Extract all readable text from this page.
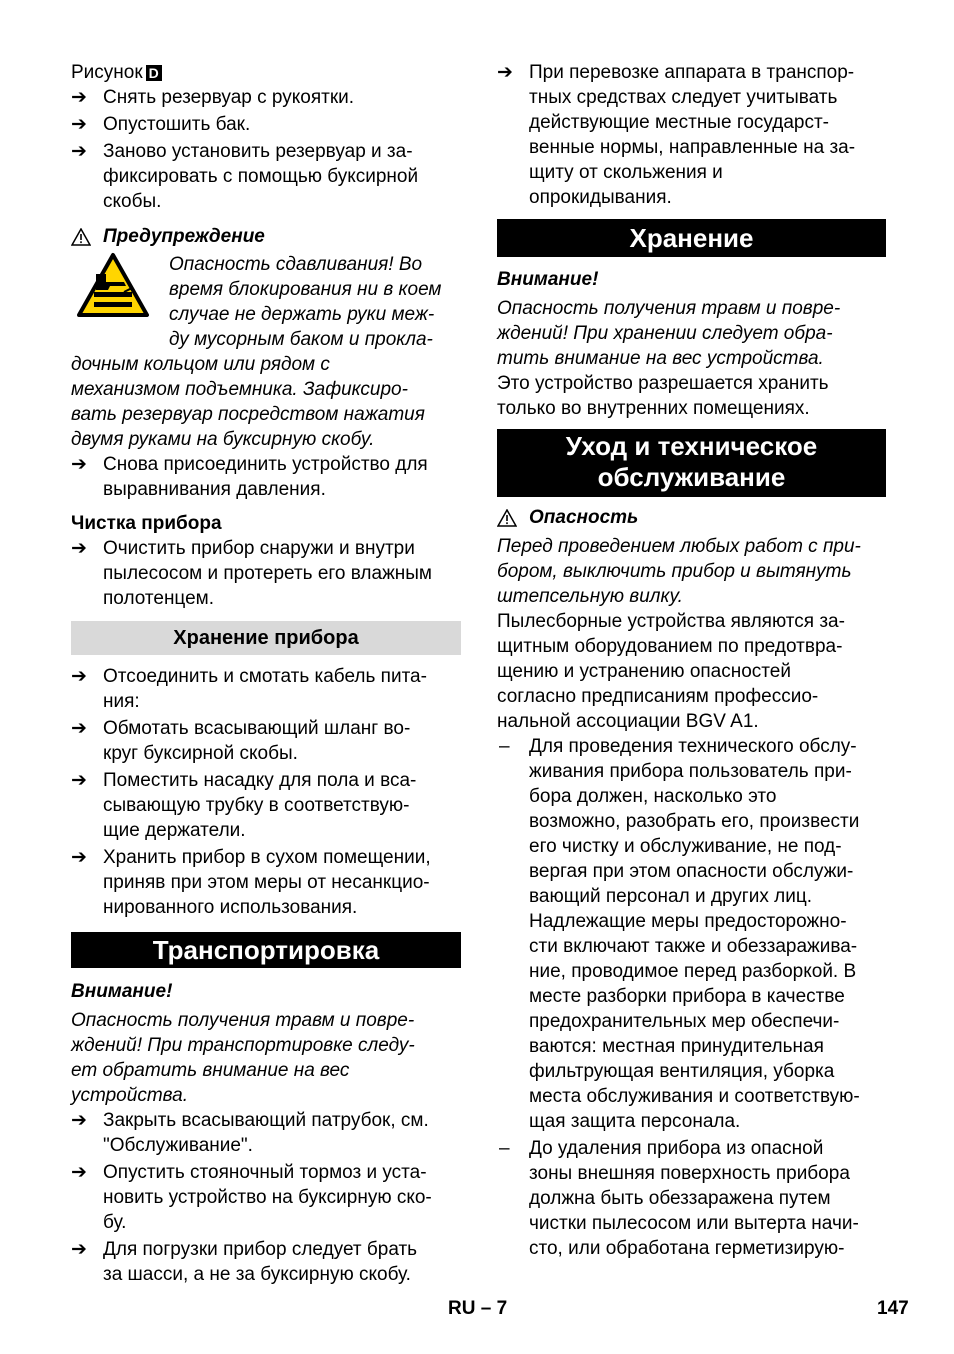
Рисунок D
➔ Снять резервуар с рукоятки.
➔ Опустошить бак.
➔ Заново установить резервуар и за-
фиксировать с помощью буксирной
скобы.
Предупреждение
Опасность сдавливания! Во
время блокирования ни в коем
случае не держать руки меж-
ду мусорным баком и прокла-
дочным кольцом или рядом с
механизмом подъемника. Зафиксиро-
вать резервуар посредством нажатия
двумя руками на буксирную скобу.
➔ Снова присоединить устройство для
выравнивания давления.
Чистка прибора
➔ Очистить прибор снаружи и внутри
пылесосом и протереть его влажным
полотенцем.
Хранение прибора
➔ Отсоединить и смотать кабель пита-
ния:
➔ Обмотать всасывающий шланг во-
круг буксирной скобы.
➔ Поместить насадку для пола и вса-
сывающую трубку в соответствую-
щие держатели.
➔ Хранить прибор в сухом помещении,
приняв при этом меры от несанкцио-
нированного использования.
Транспортировка
Внимание!
Опасность получения травм и повре-
ждений! При транспортировке следу-
ет обратить внимание на вес
устройства.
➔ Закрыть всасывающий патрубок, см.
"Обслуживание".
➔ Опустить стояночный тормоз и уста-
новить устройство на буксирную ско-
бу.
➔ Для погрузки прибор следует брать
за шасси, а не за буксирную скобу.
➔ При перевозке аппарата в транспор-
тных средствах следует учитывать
действующие местные государст-
венные нормы, направленные на за-
щиту от скольжения и
опрокидывания.
Хранение
Внимание!
Опасность получения травм и повре-
ждений! При хранении следует обра-
тить внимание на вес устройства.
Это устройство разрешается хранить
только во внутренних помещениях.
Уход и техническое
обслуживание
Опасность
Перед проведением любых работ с при-
бором, выключить прибор и вытянуть
штепсельную вилку.
Пылесборные устройства являются за-
щитным оборудованием по предотвра-
щению и устранению опасностей
согласно предписаниям профессио-
нальной ассоциации BGV A1.
– Для проведения технического обслу-
живания прибора пользователь при-
бора должен, насколько это
возможно, разобрать его, произвести
его чистку и обслуживание, не под-
вергая при этом опасности обслужи-
вающий персонал и других лиц.
Надлежащие меры предосторожно-
сти включают также и обеззаражива-
ние, проводимое перед разборкой. В
месте разборки прибора в качестве
предохранительных мер обеспечи-
ваются: местная принудительная
фильтрующая вентиляция, уборка
места обслуживания и соответствую-
щая защита персонала.
– До удаления прибора из опасной
зоны внешняя поверхность прибора
должна быть обеззаражена путем
чистки пылесосом или вытерта начи-
сто, или обработана герметизирую-
RU – 7	147
